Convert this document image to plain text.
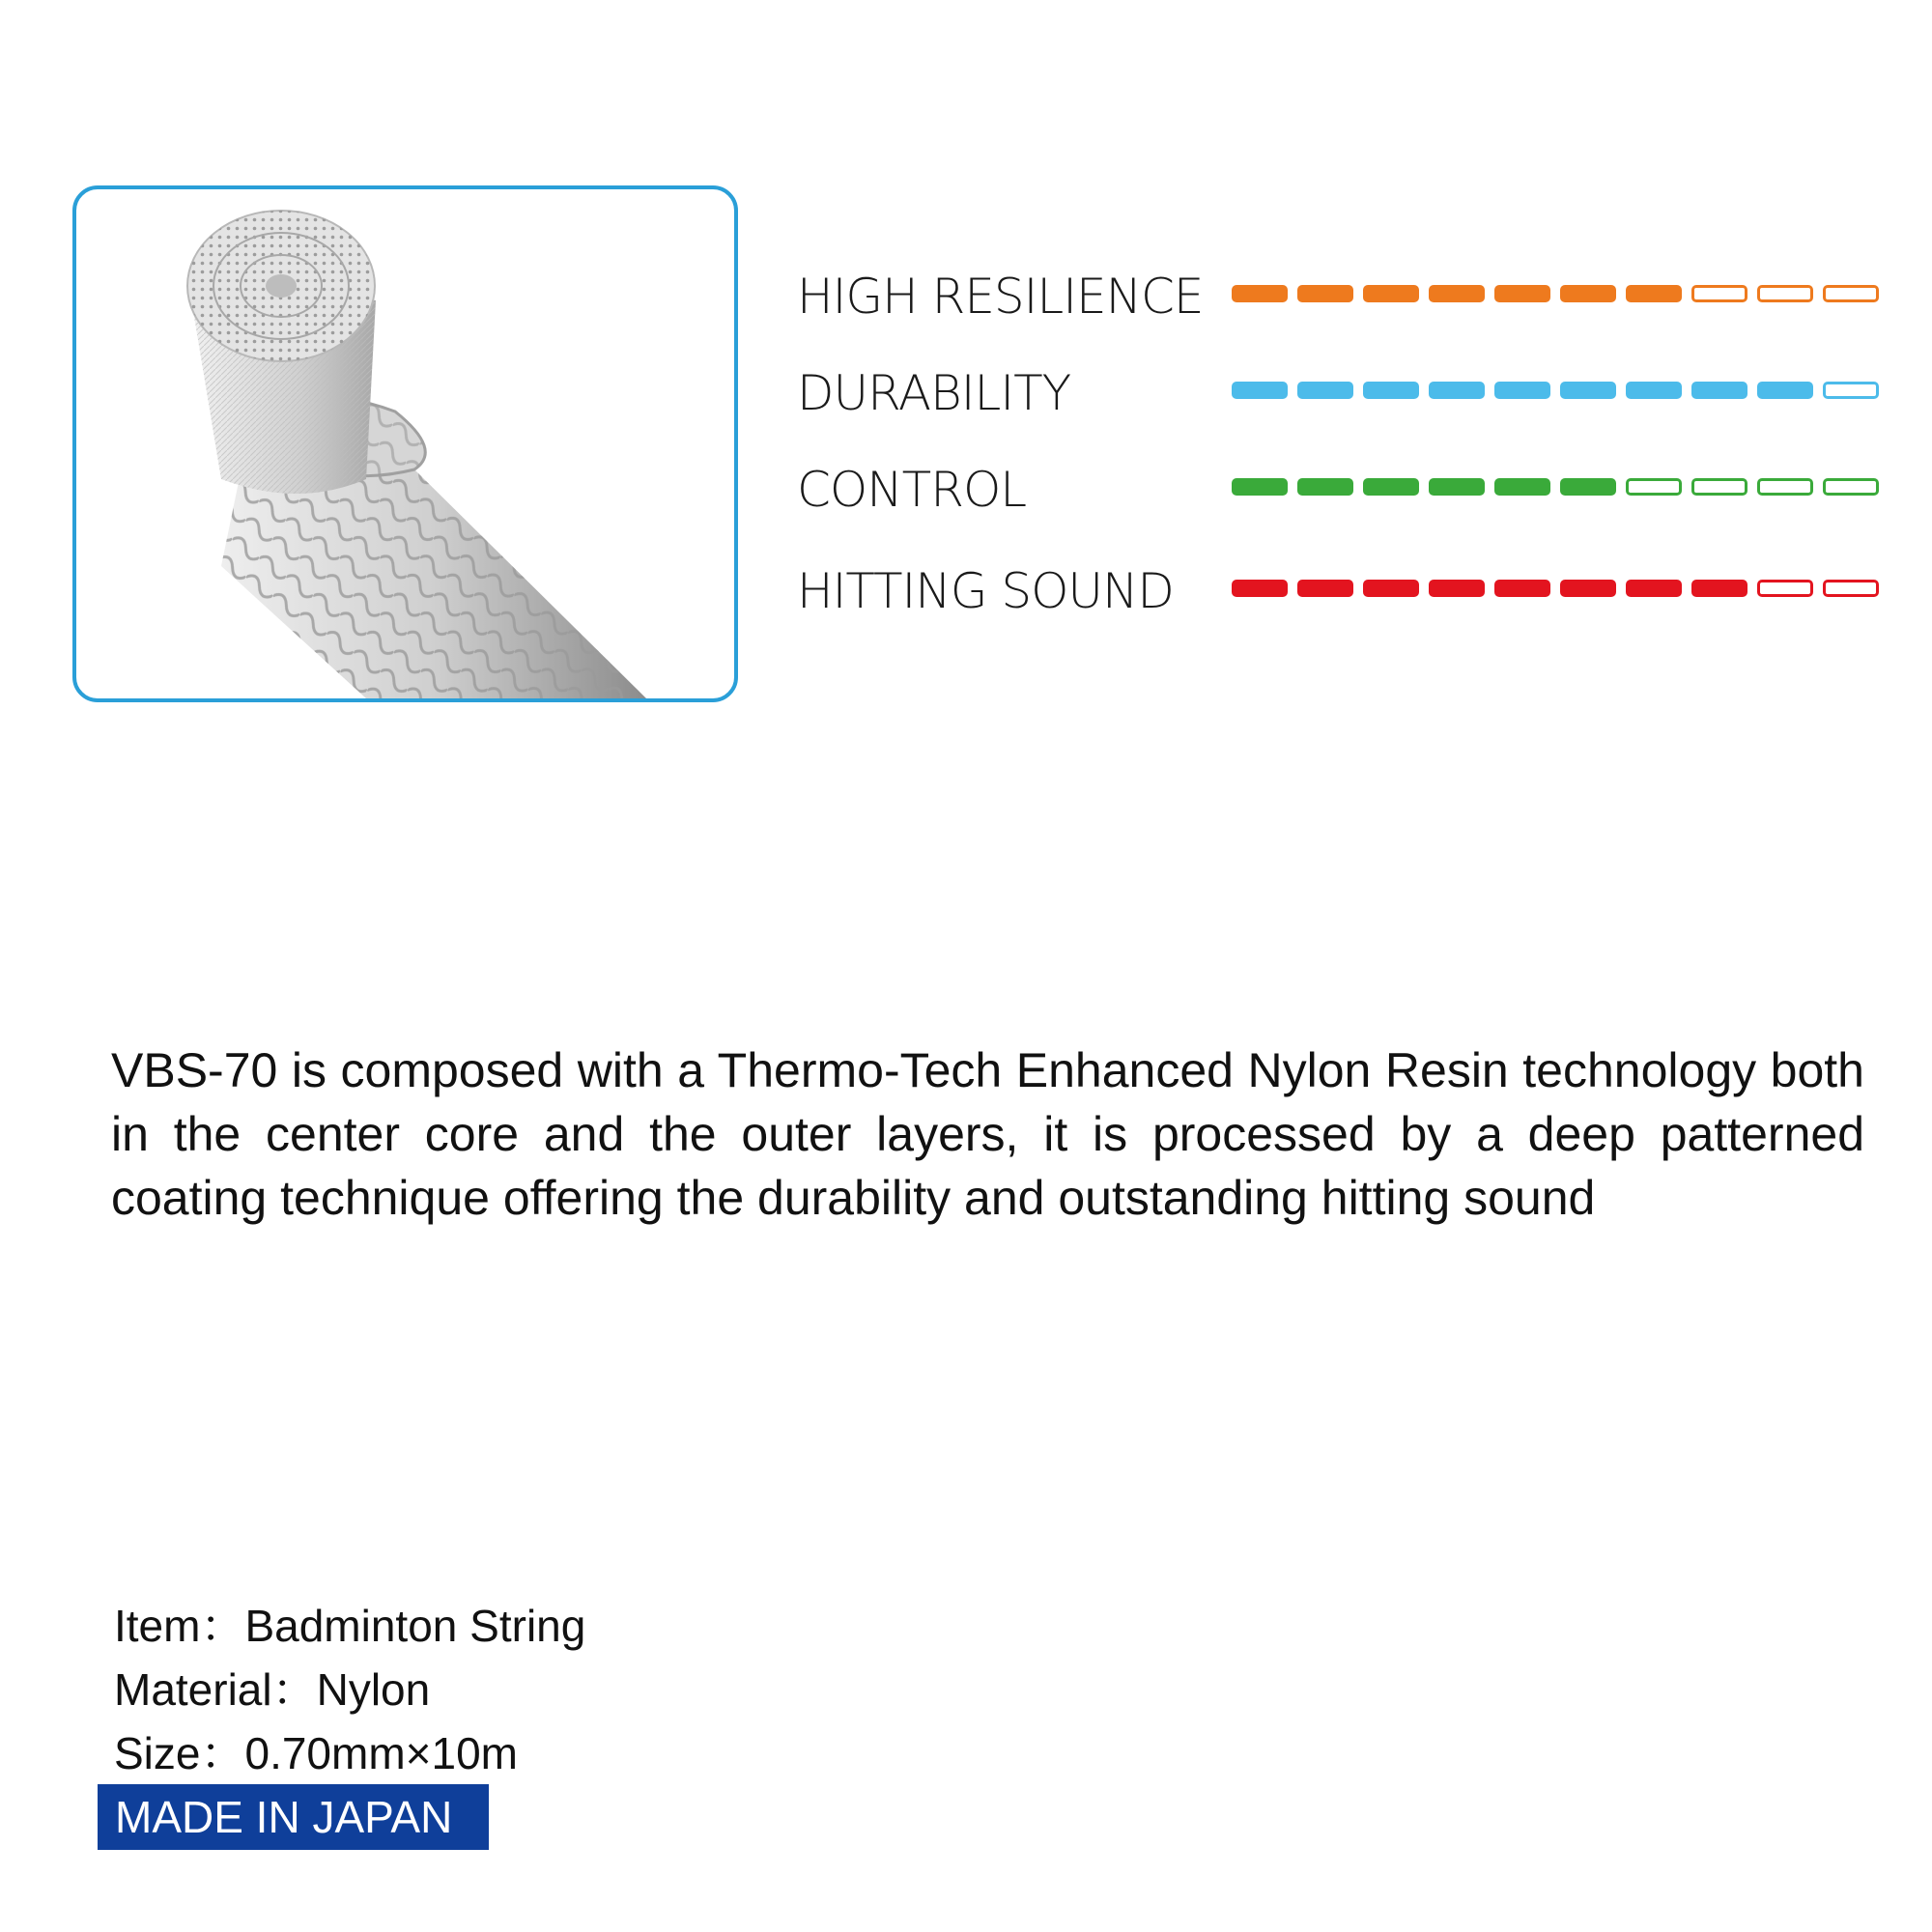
HIGH RESILIENCE
DURABILITY
CONTROL
HITTING SOUND

VBS-70 is composed with a Thermo-Tech Enhanced Nylon Resin technology both in the center core and the outer layers, it is processed by a deep patterned coating technique offering the durability and outstanding hitting sound

Item：Badminton String
Material：Nylon
Size：0.70mm×10m
MADE IN JAPAN
